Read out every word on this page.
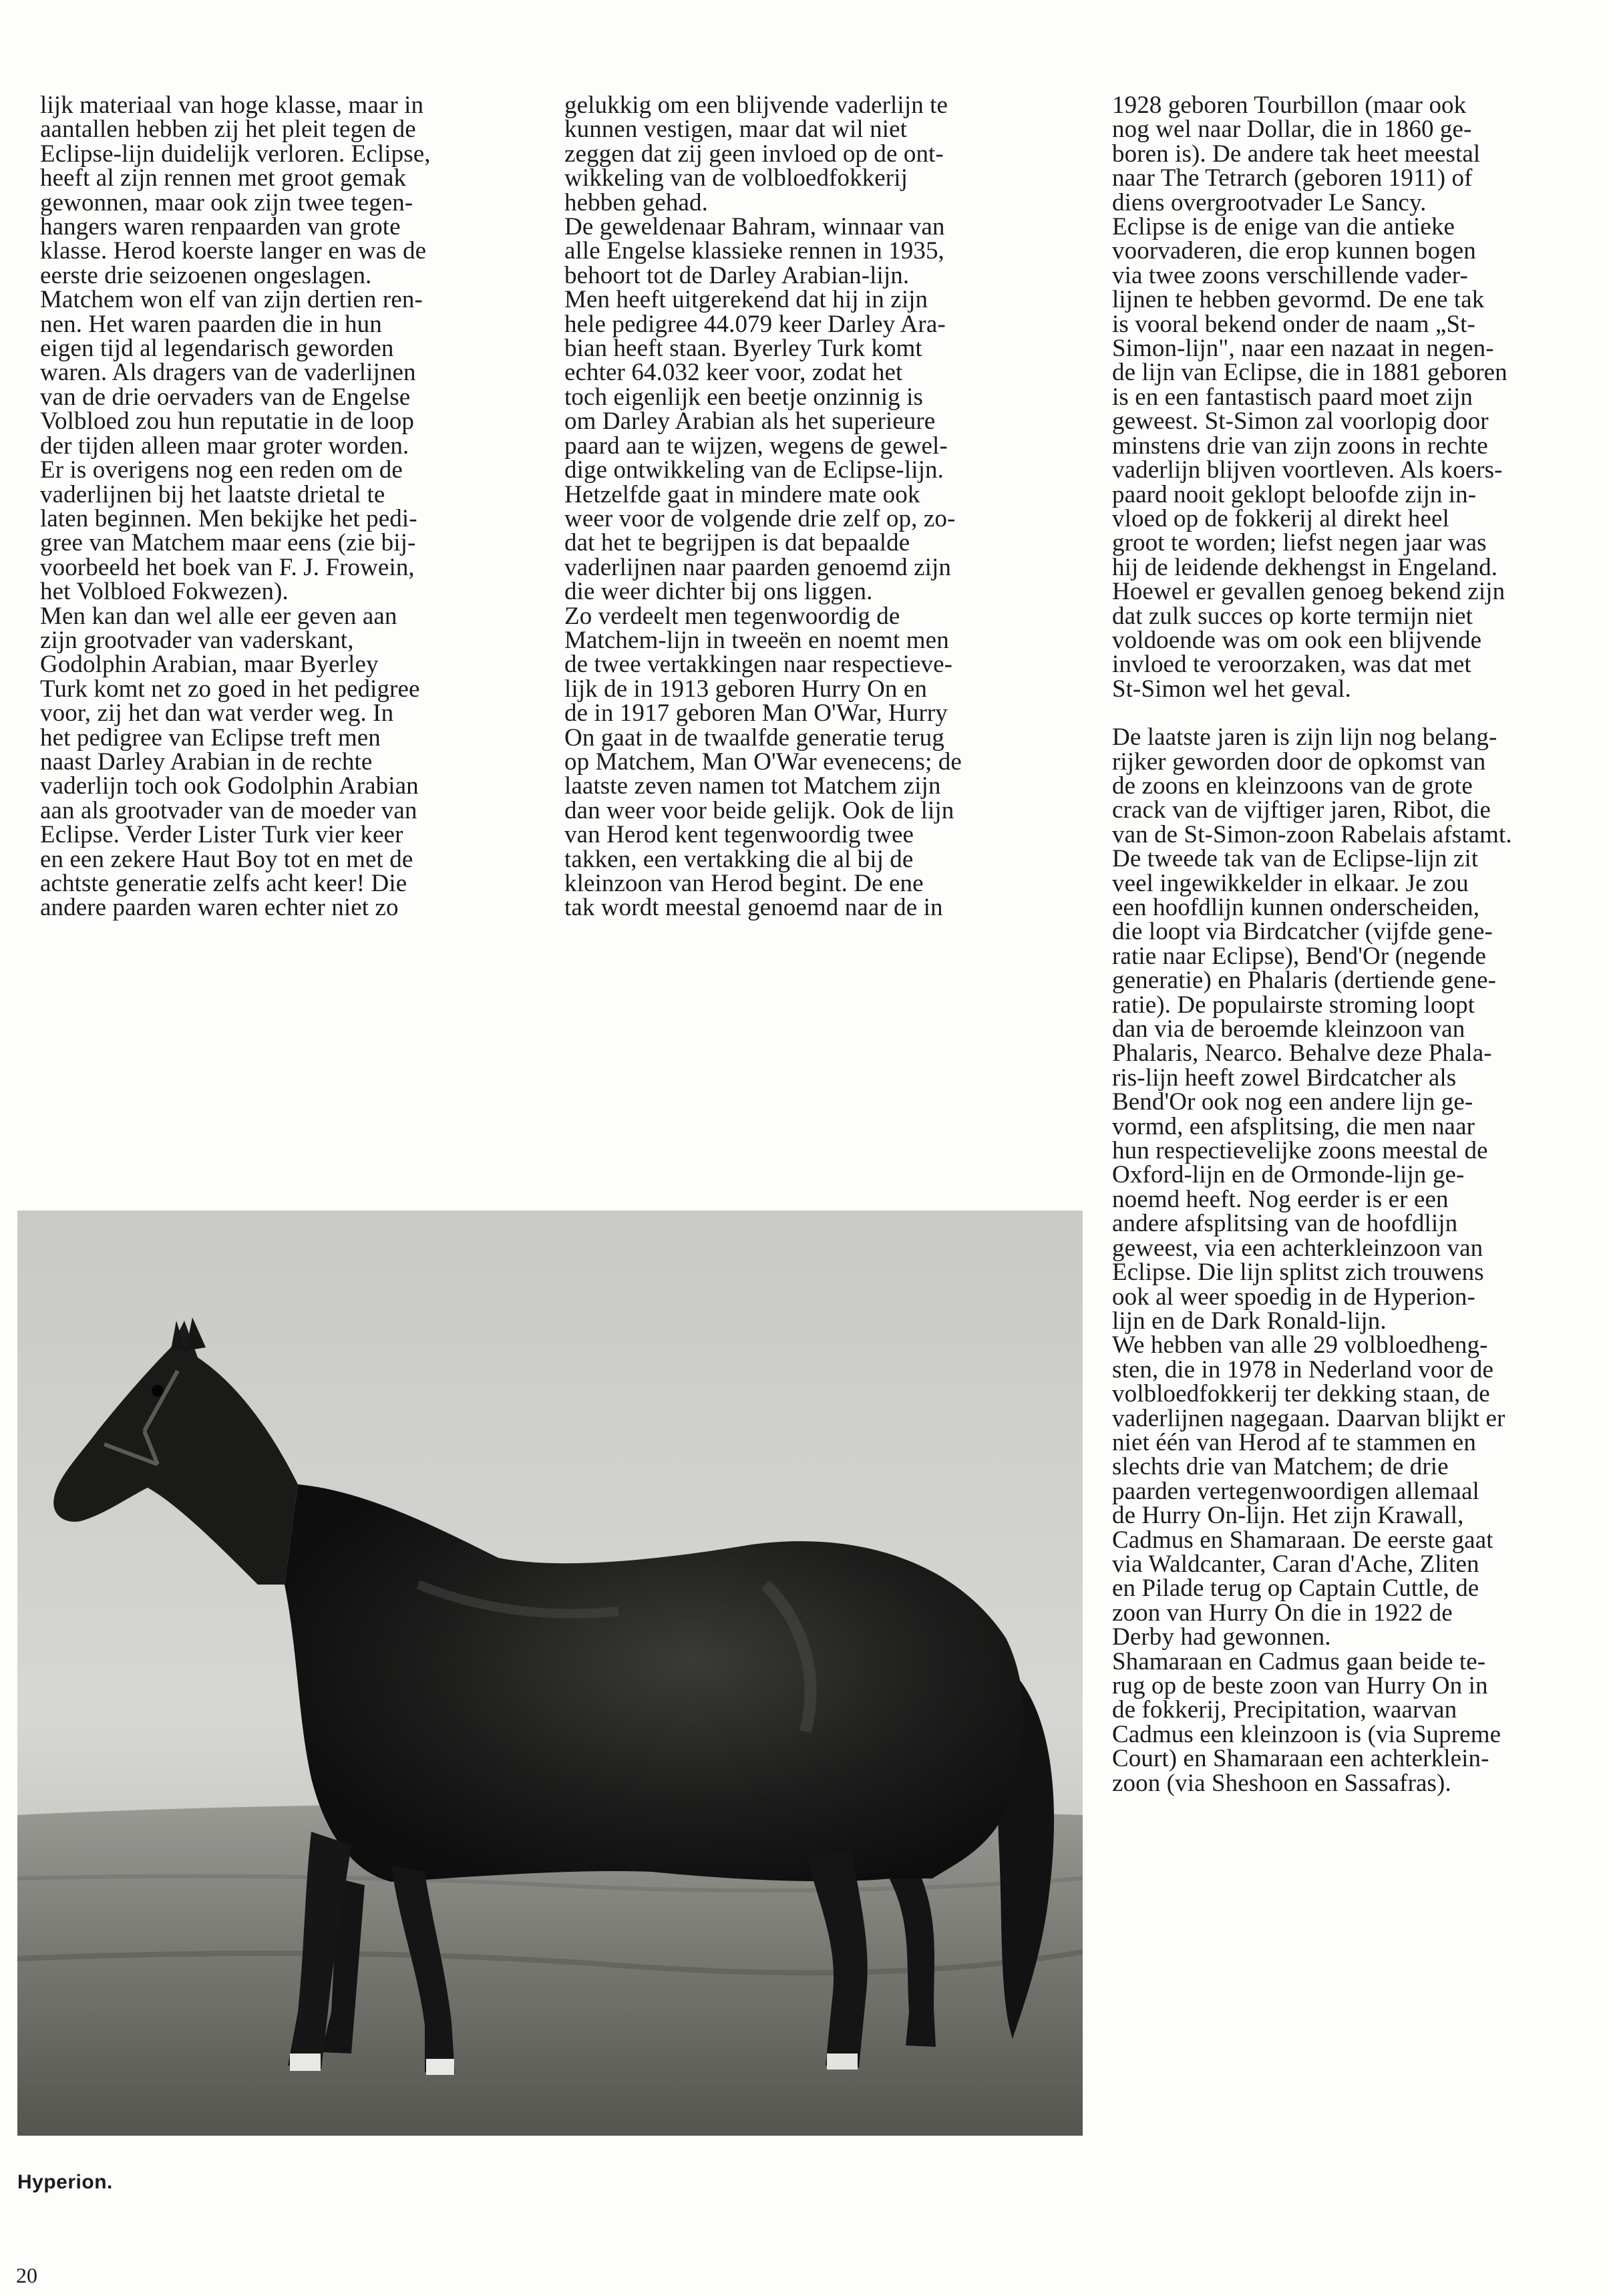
lijk materiaal van hoge klasse, maar in
aantallen hebben zij het pleit tegen de
Eclipse-lijn duidelijk verloren. Eclipse,
heeft al zijn rennen met groot gemak
gewonnen, maar ook zijn twee tegen-
hangers waren renpaarden van grote
klasse. Herod koerste langer en was de
eerste drie seizoenen ongeslagen.
Matchem won elf van zijn dertien ren-
nen. Het waren paarden die in hun
eigen tijd al legendarisch geworden
waren. Als dragers van de vaderlijnen
van de drie oervaders van de Engelse
Volbloed zou hun reputatie in de loop
der tijden alleen maar groter worden.
Er is overigens nog een reden om de
vaderlijnen bij het laatste drietal te
laten beginnen. Men bekijke het pedi-
gree van Matchem maar eens (zie bij-
voorbeeld het boek van F. J. Frowein,
het Volbloed Fokwezen).
Men kan dan wel alle eer geven aan
zijn grootvader van vaderskant,
Godolphin Arabian, maar Byerley
Turk komt net zo goed in het pedigree
voor, zij het dan wat verder weg. In
het pedigree van Eclipse treft men
naast Darley Arabian in de rechte
vaderlijn toch ook Godolphin Arabian
aan als grootvader van de moeder van
Eclipse. Verder Lister Turk vier keer
en een zekere Haut Boy tot en met de
achtste generatie zelfs acht keer! Die
andere paarden waren echter niet zo
gelukkig om een blijvende vaderlijn te
kunnen vestigen, maar dat wil niet
zeggen dat zij geen invloed op de ont-
wikkeling van de volbloedfokkerij
hebben gehad.
De geweldenaar Bahram, winnaar van
alle Engelse klassieke rennen in 1935,
behoort tot de Darley Arabian-lijn.
Men heeft uitgerekend dat hij in zijn
hele pedigree 44.079 keer Darley Ara-
bian heeft staan. Byerley Turk komt
echter 64.032 keer voor, zodat het
toch eigenlijk een beetje onzinnig is
om Darley Arabian als het superieure
paard aan te wijzen, wegens de gewel-
dige ontwikkeling van de Eclipse-lijn.
Hetzelfde gaat in mindere mate ook
weer voor de volgende drie zelf op, zo-
dat het te begrijpen is dat bepaalde
vaderlijnen naar paarden genoemd zijn
die weer dichter bij ons liggen.
Zo verdeelt men tegenwoordig de
Matchem-lijn in tweeën en noemt men
de twee vertakkingen naar respectieve-
lijk de in 1913 geboren Hurry On en
de in 1917 geboren Man O'War, Hurry
On gaat in de twaalfde generatie terug
op Matchem, Man O'War evenecens; de
laatste zeven namen tot Matchem zijn
dan weer voor beide gelijk. Ook de lijn
van Herod kent tegenwoordig twee
takken, een vertakking die al bij de
kleinzoon van Herod begint. De ene
tak wordt meestal genoemd naar de in
1928 geboren Tourbillon (maar ook
nog wel naar Dollar, die in 1860 ge-
boren is). De andere tak heet meestal
naar The Tetrarch (geboren 1911) of
diens overgrootvader Le Sancy.
Eclipse is de enige van die antieke
voorvaderen, die erop kunnen bogen
via twee zoons verschillende vader-
lijnen te hebben gevormd. De ene tak
is vooral bekend onder de naam „St-
Simon-lijn", naar een nazaat in negen-
de lijn van Eclipse, die in 1881 geboren
is en een fantastisch paard moet zijn
geweest. St-Simon zal voorlopig door
minstens drie van zijn zoons in rechte
vaderlijn blijven voortleven. Als koers-
paard nooit geklopt beloofde zijn in-
vloed op de fokkerij al direkt heel
groot te worden; liefst negen jaar was
hij de leidende dekhengst in Engeland.
Hoewel er gevallen genoeg bekend zijn
dat zulk succes op korte termijn niet
voldoende was om ook een blijvende
invloed te veroorzaken, was dat met
St-Simon wel het geval.
De laatste jaren is zijn lijn nog belang-
rijker geworden door de opkomst van
de zoons en kleinzoons van de grote
crack van de vijftiger jaren, Ribot, die
van de St-Simon-zoon Rabelais afstamt.
De tweede tak van de Eclipse-lijn zit
veel ingewikkelder in elkaar. Je zou
een hoofdlijn kunnen onderscheiden,
die loopt via Birdcatcher (vijfde gene-
ratie naar Eclipse), Bend'Or (negende
generatie) en Phalaris (dertiende gene-
ratie). De populairste stroming loopt
dan via de beroemde kleinzoon van
Phalaris, Nearco. Behalve deze Phala-
ris-lijn heeft zowel Birdcatcher als
Bend'Or ook nog een andere lijn ge-
vormd, een afsplitsing, die men naar
hun respectievelijke zoons meestal de
Oxford-lijn en de Ormonde-lijn ge-
noemd heeft. Nog eerder is er een
andere afsplitsing van de hoofdlijn
geweest, via een achterkleinzoon van
Eclipse. Die lijn splitst zich trouwens
ook al weer spoedig in de Hyperion-
lijn en de Dark Ronald-lijn.
We hebben van alle 29 volbloedheng-
sten, die in 1978 in Nederland voor de
volbloedfokkerij ter dekking staan, de
vaderlijnen nagegaan. Daarvan blijkt er
niet één van Herod af te stammen en
slechts drie van Matchem; de drie
paarden vertegenwoordigen allemaal
de Hurry On-lijn. Het zijn Krawall,
Cadmus en Shamaraan. De eerste gaat
via Waldcanter, Caran d'Ache, Zliten
en Pilade terug op Captain Cuttle, de
zoon van Hurry On die in 1922 de
Derby had gewonnen.
Shamaraan en Cadmus gaan beide te-
rug op de beste zoon van Hurry On in
de fokkerij, Precipitation, waarvan
Cadmus een kleinzoon is (via Supreme
Court) en Shamaraan een achterklein-
zoon (via Sheshoon en Sassafras).
Hyperion.
20
